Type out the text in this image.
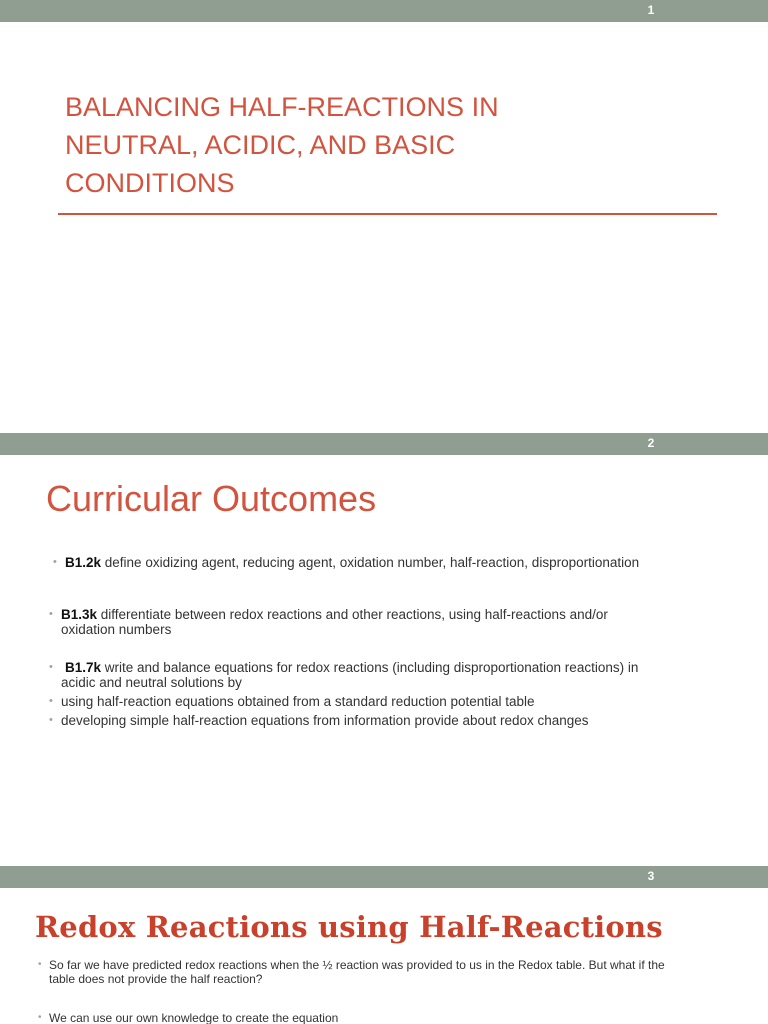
1
BALANCING HALF-REACTIONS IN
NEUTRAL, ACIDIC, AND BASIC
CONDITIONS
2
Curricular Outcomes
• B1.2k define oxidizing agent, reducing agent, oxidation number, half-reaction, disproportionation
• B1.3k differentiate between redox reactions and other reactions, using half-reactions and/or
oxidation numbers
• B1.7k write and balance equations for redox reactions (including disproportionation reactions) in
acidic and neutral solutions by
• using half-reaction equations obtained from a standard reduction potential table
• developing simple half-reaction equations from information provide about redox changes
3
Redox Reactions using Half-Reactions
• So far we have predicted redox reactions when the ½ reaction was provided to us in the Redox table. But what if the
table does not provide the half reaction?
• We can use our own knowledge to create the equation
